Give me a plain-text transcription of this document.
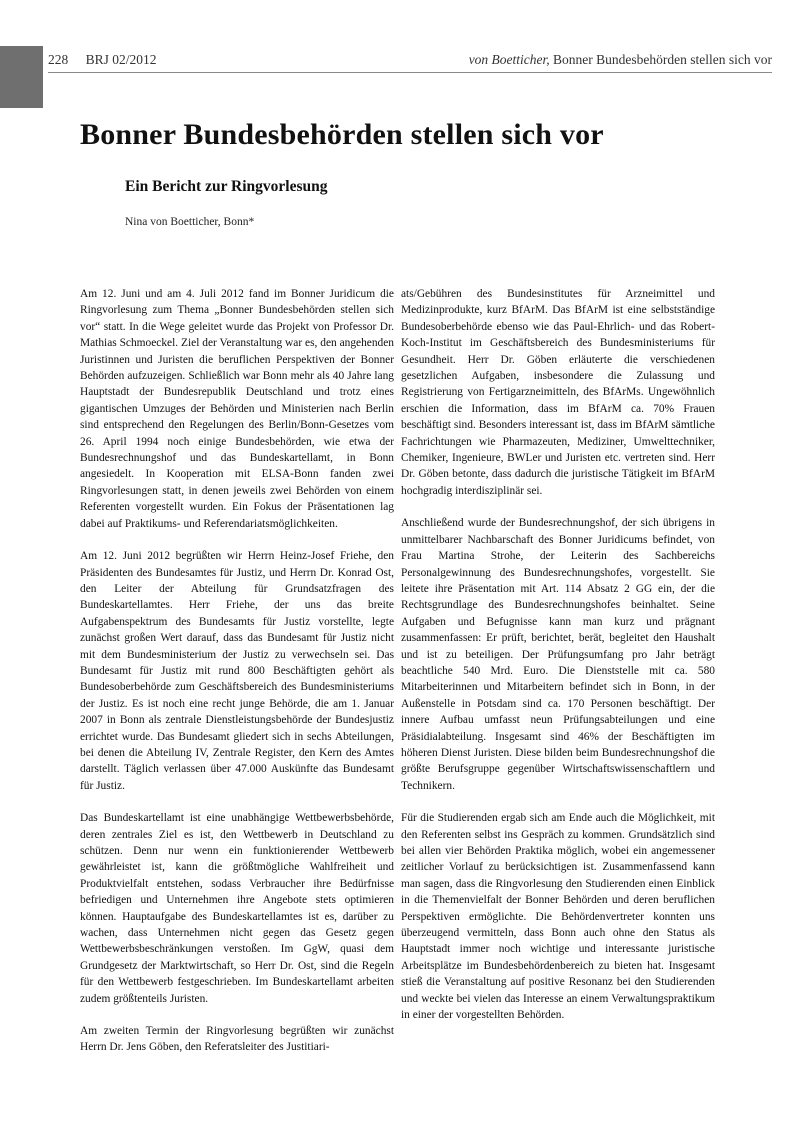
228 BRJ 02/2012	von Boetticher, Bonner Bundesbehörden stellen sich vor
Bonner Bundesbehörden stellen sich vor
Ein Bericht zur Ringvorlesung
Nina von Boetticher, Bonn*

Am 12. Juni und am 4. Juli 2012 fand im Bonner Juridicum die Ringvorlesung zum Thema „Bonner Bundesbehörden stellen sich vor“ statt. In die Wege geleitet wurde das Projekt von Professor Dr. Mathias Schmoeckel. Ziel der Veranstaltung war es, den angehenden Juristinnen und Juristen die beruflichen Perspektiven der Bonner Behörden aufzuzeigen. Schließlich war Bonn mehr als 40 Jahre lang Hauptstadt der Bundesrepublik Deutschland und trotz eines gigantischen Umzuges der Behörden und Ministerien nach Berlin sind entsprechend den Regelungen des Berlin/Bonn-Gesetzes vom 26. April 1994 noch einige Bundesbehörden, wie etwa der Bundesrechnungshof und das Bundeskartellamt, in Bonn angesiedelt. In Kooperation mit ELSA-Bonn fanden zwei Ringvorlesungen statt, in denen jeweils zwei Behörden von einem Referenten vorgestellt wurden. Ein Fokus der Präsentationen lag dabei auf Praktikums- und Referendariatsmöglichkeiten.

Am 12. Juni 2012 begrüßten wir Herrn Heinz-Josef Friehe, den Präsidenten des Bundesamtes für Justiz, und Herrn Dr. Konrad Ost, den Leiter der Abteilung für Grundsatzfragen des Bundeskartellamtes. Herr Friehe, der uns das breite Aufgabenspektrum des Bundesamts für Justiz vorstellte, legte zunächst großen Wert darauf, dass das Bundesamt für Justiz nicht mit dem Bundesministerium der Justiz zu verwechseln sei. Das Bundesamt für Justiz mit rund 800 Beschäftigten gehört als Bundesoberbehörde zum Geschäftsbereich des Bundesministeriums der Justiz. Es ist noch eine recht junge Behörde, die am 1. Januar 2007 in Bonn als zentrale Dienstleistungsbehörde der Bundesjustiz errichtet wurde. Das Bundesamt gliedert sich in sechs Abteilungen, bei denen die Abteilung IV, Zentrale Register, den Kern des Amtes darstellt. Täglich verlassen über 47.000 Auskünfte das Bundesamt für Justiz.

Das Bundeskartellamt ist eine unabhängige Wettbewerbsbehörde, deren zentrales Ziel es ist, den Wettbewerb in Deutschland zu schützen. Denn nur wenn ein funktionierender Wettbewerb gewährleistet ist, kann die größtmögliche Wahlfreiheit und Produktvielfalt entstehen, sodass Verbraucher ihre Bedürfnisse befriedigen und Unternehmen ihre Angebote stets optimieren können. Hauptaufgabe des Bundeskartellamtes ist es, darüber zu wachen, dass Unternehmen nicht gegen das Gesetz gegen Wettbewerbsbeschränkungen verstoßen. Im GgW, quasi dem Grundgesetz der Marktwirtschaft, so Herr Dr. Ost, sind die Regeln für den Wettbewerb festgeschrieben. Im Bundeskartellamt arbeiten zudem größtenteils Juristen.

Am zweiten Termin der Ringvorlesung begrüßten wir zunächst Herrn Dr. Jens Göben, den Referatsleiter des Justitiari-

ats/Gebühren des Bundesinstitutes für Arzneimittel und Medizinprodukte, kurz BfArM. Das BfArM ist eine selbstständige Bundesoberbehörde ebenso wie das Paul-Ehrlich- und das Robert-Koch-Institut im Geschäftsbereich des Bundesministeriums für Gesundheit. Herr Dr. Göben erläuterte die verschiedenen gesetzlichen Aufgaben, insbesondere die Zulassung und Registrierung von Fertigarzneimitteln, des BfArMs. Ungewöhnlich erschien die Information, dass im BfArM ca. 70% Frauen beschäftigt sind. Besonders interessant ist, dass im BfArM sämtliche Fachrichtungen wie Pharmazeuten, Mediziner, Umwelttechniker, Chemiker, Ingenieure, BWLer und Juristen etc. vertreten sind. Herr Dr. Göben betonte, dass dadurch die juristische Tätigkeit im BfArM hochgradig interdisziplinär sei.

Anschließend wurde der Bundesrechnungshof, der sich übrigens in unmittelbarer Nachbarschaft des Bonner Juridicums befindet, von Frau Martina Strohe, der Leiterin des Sachbereichs Personalgewinnung des Bundesrechnungshofes, vorgestellt. Sie leitete ihre Präsentation mit Art. 114 Absatz 2 GG ein, der die Rechtsgrundlage des Bundesrechnungshofes beinhaltet. Seine Aufgaben und Befugnisse kann man kurz und prägnant zusammenfassen: Er prüft, berichtet, berät, begleitet den Haushalt und ist zu beteiligen. Der Prüfungsumfang pro Jahr beträgt beachtliche 540 Mrd. Euro. Die Dienststelle mit ca. 580 Mitarbeiterinnen und Mitarbeitern befindet sich in Bonn, in der Außenstelle in Potsdam sind ca. 170 Personen beschäftigt. Der innere Aufbau umfasst neun Prüfungsabteilungen und eine Präsidialabteilung. Insgesamt sind 46% der Beschäftigten im höheren Dienst Juristen. Diese bilden beim Bundesrechnungshof die größte Berufsgruppe gegenüber Wirtschaftswissenschaftlern und Technikern.

Für die Studierenden ergab sich am Ende auch die Möglichkeit, mit den Referenten selbst ins Gespräch zu kommen. Grundsätzlich sind bei allen vier Behörden Praktika möglich, wobei ein angemessener zeitlicher Vorlauf zu berücksichtigen ist. Zusammenfassend kann man sagen, dass die Ringvorlesung den Studierenden einen Einblick in die Themenvielfalt der Bonner Behörden und deren beruflichen Perspektiven ermöglichte. Die Behördenvertreter konnten uns überzeugend vermitteln, dass Bonn auch ohne den Status als Hauptstadt immer noch wichtige und interessante juristische Arbeitsplätze im Bundesbehördenbereich zu bieten hat. Insgesamt stieß die Veranstaltung auf positive Resonanz bei den Studierenden und weckte bei vielen das Interesse an einem Verwaltungspraktikum in einer der vorgestellten Behörden.
